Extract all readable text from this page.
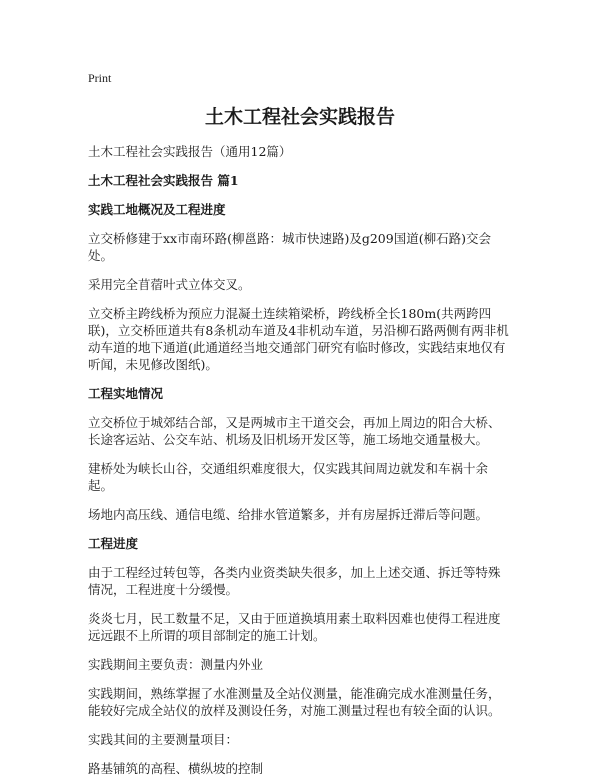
Print
土木工程社会实践报告

土木工程社会实践报告（通用12篇）

土木工程社会实践报告 篇1

实践工地概况及工程进度

立交桥修建于xx市南环路(柳邕路：城市快速路)及g209国道(柳石路)交会处。

采用完全苜蓿叶式立体交叉。

立交桥主跨线桥为预应力混凝土连续箱梁桥，跨线桥全长180m(共两跨四联)，立交桥匝道共有8条机动车道及4非机动车道，另沿柳石路两侧有两非机动车道的地下通道(此通道经当地交通部门研究有临时修改，实践结束地仅有听闻，未见修改图纸)。

工程实地情况

立交桥位于城郊结合部，又是两城市主干道交会，再加上周边的阳合大桥、长途客运站、公交车站、机场及旧机场开发区等，施工场地交通量极大。

建桥处为峡长山谷，交通组织难度很大，仅实践其间周边就发和车祸十余起。

场地内高压线、通信电缆、给排水管道繁多，并有房屋拆迁滞后等问题。

工程进度

由于工程经过转包等，各类内业资类缺失很多，加上上述交通、拆迁等特殊情况，工程进度十分缓慢。

炎炎七月，民工数量不足，又由于匝道换填用素土取料因难也使得工程进度远远跟不上所谓的项目部制定的施工计划。

实践期间主要负责：测量内外业

实践期间，熟练掌握了水准测量及全站仪测量，能准确完成水准测量任务，能较好完成全站仪的放样及测设任务，对施工测量过程也有较全面的认识。

实践其间的主要测量项目：

路基铺筑的高程、横纵坡的控制
